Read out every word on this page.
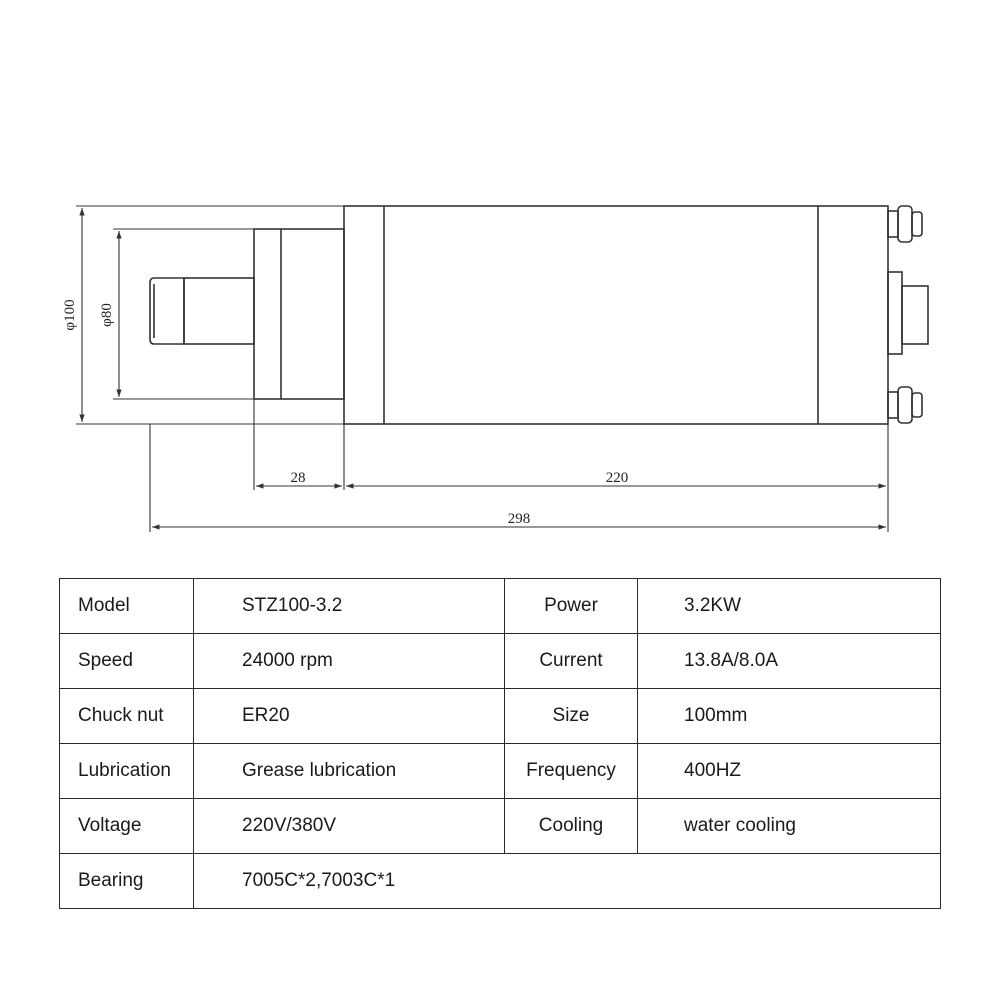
φ100 φ80
28	220
298
Model	STZ100-3.2	Power	3.2KW
Speed	24000 rpm	Current	13.8A/8.0A
Chuck nut	ER20	Size	100mm
Lubrication	Grease lubrication	Frequency	400HZ
Voltage	220V/380V	Cooling	water cooling
Bearing	7005C*2,7003C*1		
